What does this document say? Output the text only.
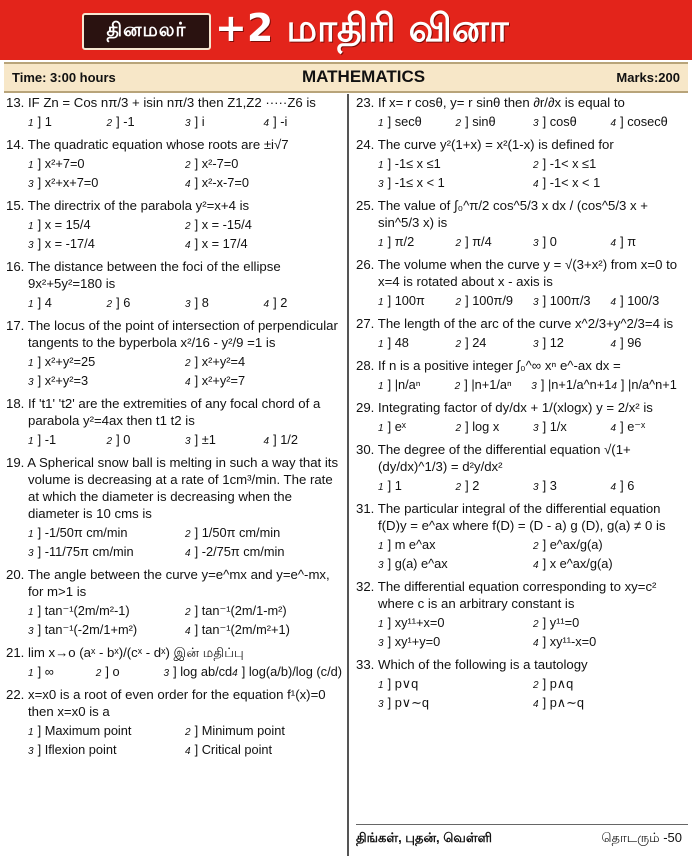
தினமலர் +2 மாதிரி வினா
Time: 3:00 hours	MATHEMATICS	Marks:200
13. IF Zn = Cos nπ/3 + isin nπ/3 then Z1,Z2 ·····Z6 is
1 ] 1	2 ] -1	3 ] i	4 ] -i
14. The quadratic equation whose roots are ±i√7
1 ] x²+7=0	2 ] x²-7=0
3 ] x²+x+7=0	4 ] x²-x-7=0
15. The directrix of the parabola y²=x+4 is
1 ] x = 15/4	2 ] x = -15/4
3 ] x = -17/4	4 ] x = 17/4
16. The distance between the foci of the ellipse 9x²+5y²=180 is
1 ] 4	2 ] 6	3 ] 8	4 ] 2
17. The locus of the point of intersection of perpendicular tangents to the byperbola x²/16 - y²/9 =1 is
1 ] x²+y²=25	2 ] x²+y²=4
3 ] x²+y²=3	4 ] x²+y²=7
18. If 't1' 't2' are the extremities of any focal chord of a parabola y²=4ax then t1 t2 is
1 ] -1	2 ] 0	3 ] ±1	4 ] 1/2
19. A Spherical snow ball is melting in such a way that its volume is decreasing at a rate of 1cm³/min. The rate at which the diameter is decreasing when the diameter is 10 cms is
1 ] -1/50π cm/min	2 ] 1/50π cm/min
3 ] -11/75π cm/min	4 ] -2/75π cm/min
20. The angle between the curve y=e^mx and y=e^-mx, for m>1 is
1 ] tan⁻¹(2m/m²-1)	2 ] tan⁻¹(2m/1-m²)
3 ] tan⁻¹(-2m/1+m²)	4 ] tan⁻¹(2m/m²+1)
21. lim x→o (aˣ - bˣ)/(cˣ - dˣ) இன் மதிப்பு
1 ] ∞	2 ] o	3 ] log ab/cd 4 ] log(a/b)/log (c/d)
22. x=x0 is a root of even order for the equation f¹(x)=0 then x=x0 is a
1 ] Maximum point	2 ] Minimum point
3 ] Iflexion point	4 ] Critical point
23. If x= r cosθ, y= r sinθ then ∂r/∂x is equal to
1 ] secθ	2 ] sinθ	3 ] cosθ	4 ] cosecθ
24. The curve y²(1+x) = x²(1-x) is defined for
1 ] -1≤ x ≤1	2 ] -1< x ≤1
3 ] -1≤ x < 1	4 ] -1< x < 1
25. The value of ∫₀^π/2 cos^5/3 x dx / (cos^5/3 x + sin^5/3 x) is
1 ] π/2	2 ] π/4	3 ] 0	4 ] π
26. The volume when the curve y = √(3+x²) from x=0 to x=4 is rotated about x - axis is
1 ] 100π	2 ] 100π/9	3 ] 100π/3	4 ] 100/3
27. The length of the arc of the curve x^2/3+y^2/3=4 is
1 ] 48	2 ] 24	3 ] 12	4 ] 96
28. If n is a positive integer ∫₀^∞ xⁿ e^-ax dx =
1 ] |n/aⁿ	2 ] |n+1/aⁿ	3 ] |n+1/a^n+1 4 ] |n/a^n+1
29. Integrating factor of dy/dx + 1/(xlogx) y = 2/x² is
1 ] eˣ	2 ] log x	3 ] 1/x	4 ] e⁻ˣ
30. The degree of the differential equation √(1+(dy/dx)^1/3) = d²y/dx²
1 ] 1	2 ] 2	3 ] 3	4 ] 6
31. The particular integral of the differential equation f(D)y = e^ax where f(D) = (D - a) g (D), g(a) ≠ 0 is
1 ] m e^ax	2 ] e^ax/g(a)
3 ] g(a) e^ax	4 ] x e^ax/g(a)
32. The differential equation corresponding to xy=c² where c is an arbitrary constant is
1 ] xy¹¹+x=0	2 ] y¹¹=0
3 ] xy¹+y=0	4 ] xy¹¹-x=0
33. Which of the following is a tautology
1 ] p∨q	2 ] p∧q
3 ] p∨∼q	4 ] p∧∼q
திங்கள், புதன், வெள்ளி	தொடரும் -50
